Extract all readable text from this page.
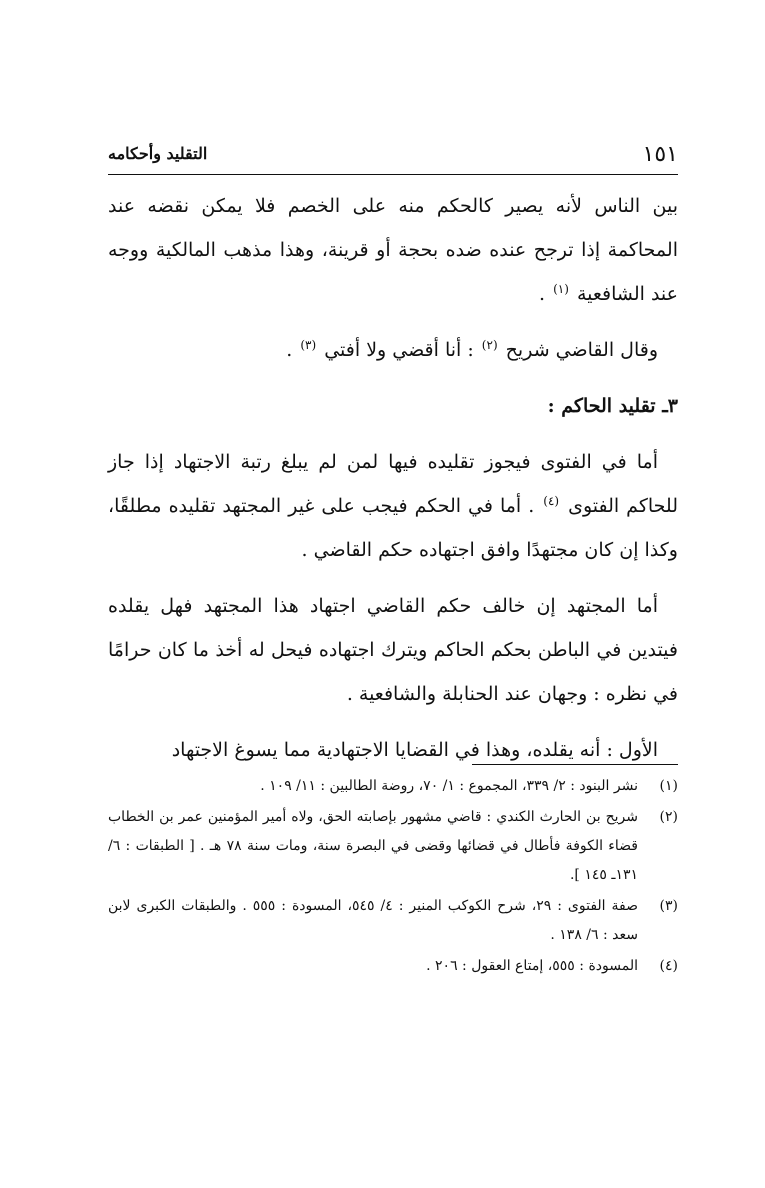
١٥١
التقليد وأحكامه

بين الناس لأنه يصير كالحكم منه على الخصم فلا يمكن نقضه عند المحاكمة إذا ترجح عنده ضده بحجة أو قرينة، وهذا مذهب المالكية ووجه عند الشافعية $^{(١)}$ .

وقال القاضي شريح $^{(٢)}$ : أنا أقضي ولا أفتي $^{(٣)}$ .

٣ـ تقليد الحاكم :

أما في الفتوى فيجوز تقليده فيها لمن لم يبلغ رتبة الاجتهاد إذا جاز للحاكم الفتوى $^{(٤)}$ . أما في الحكم فيجب على غير المجتهد تقليده مطلقًا، وكذا إن كان مجتهدًا وافق اجتهاده حكم القاضي .

أما المجتهد إن خالف حكم القاضي اجتهاد هذا المجتهد فهل يقلده فيتدين في الباطن بحكم الحاكم ويترك اجتهاده فيحل له أخذ ما كان حرامًا في نظره : وجهان عند الحنابلة والشافعية .

الأول : أنه يقلده، وهذا في القضايا الاجتهادية مما يسوغ الاجتهاد

(١)
نشر البنود : ٢/ ٣٣٩، المجموع : ١/ ٧٠، روضة الطالبين : ١١/ ١٠٩ .
(٢)
شريح بن الحارث الكندي : قاضي مشهور بإصابته الحق، ولاه أمير المؤمنين عمر بن الخطاب قضاء الكوفة فأطال في قضائها وقضى في البصرة سنة، ومات سنة ٧٨ هـ . [ الطبقات : ٦/ ١٣١ـ ١٤٥ ].
(٣)
صفة الفتوى : ٢٩، شرح الكوكب المنير : ٤/ ٥٤٥، المسودة : ٥٥٥ . والطبقات الكبرى لابن سعد : ٦/ ١٣٨ .
(٤)
المسودة : ٥٥٥، إمتاع العقول : ٢٠٦ .
